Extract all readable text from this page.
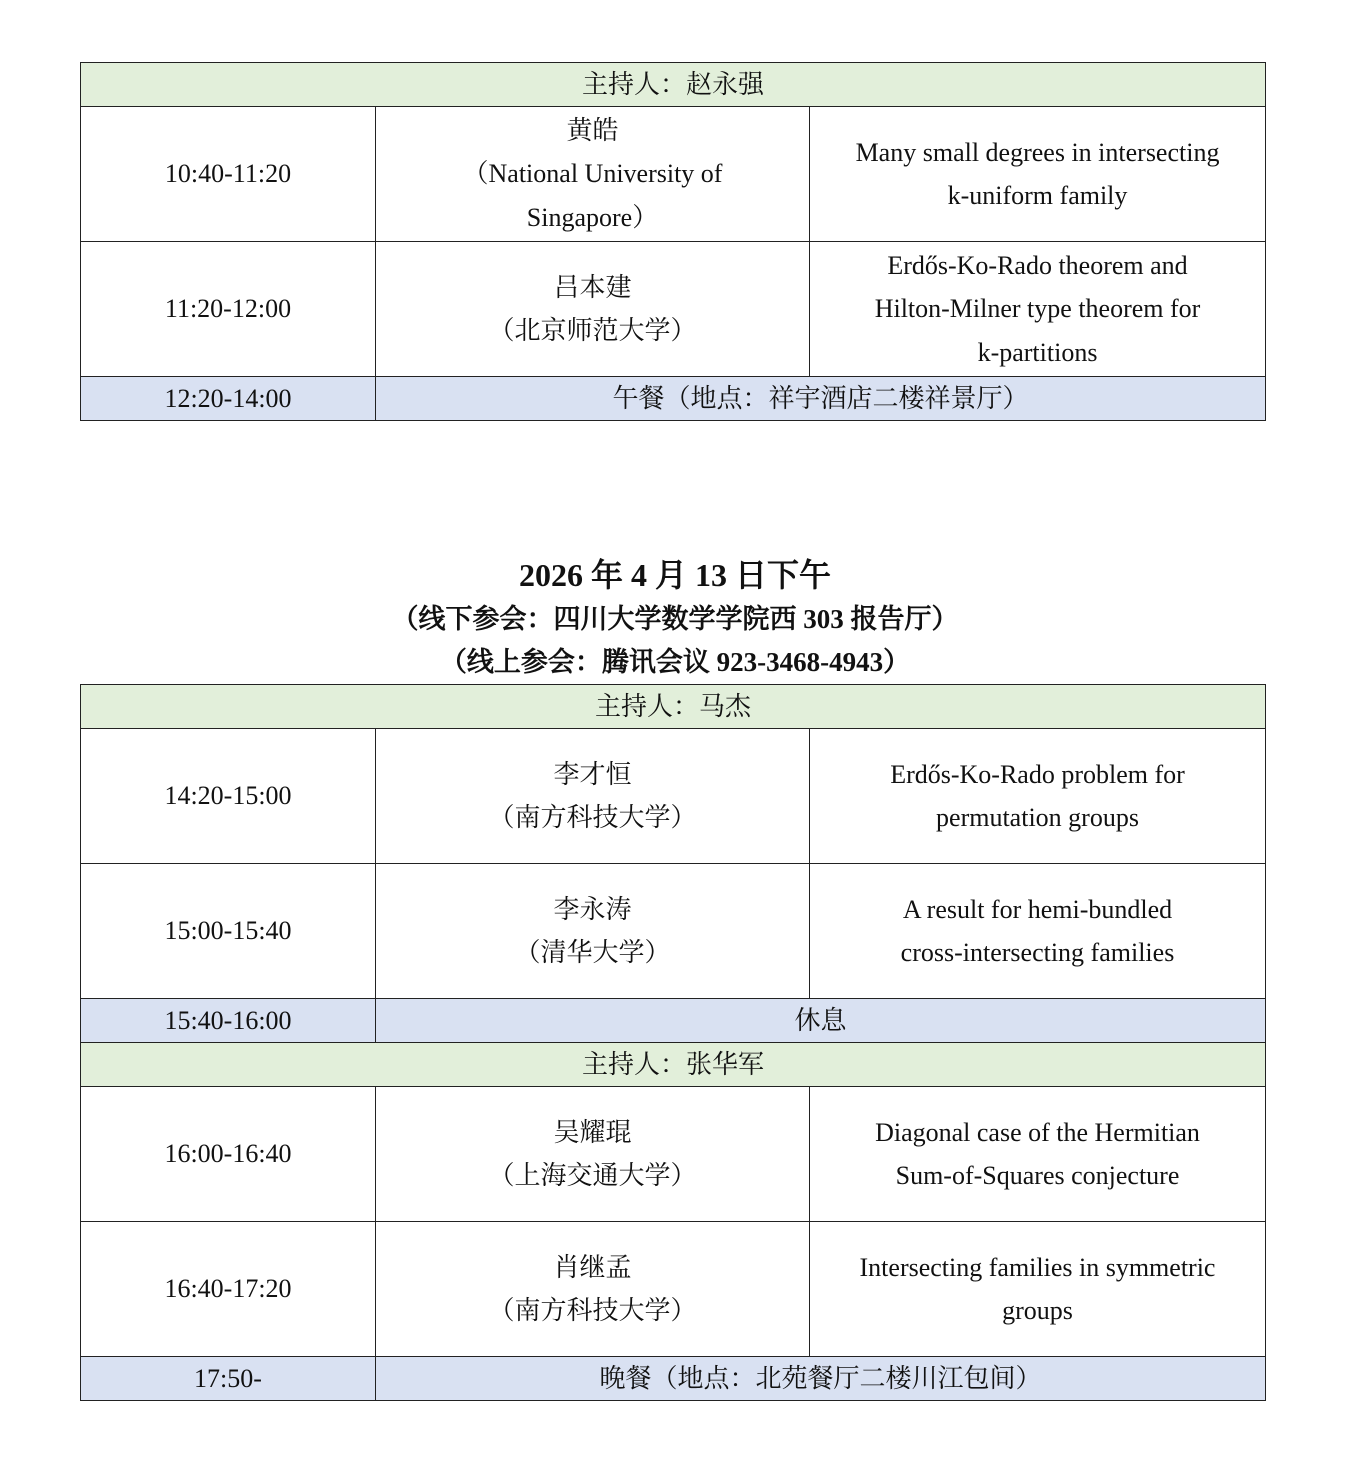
主持人：赵永强		
10:40-11:20	黄皓
（National University of
Singapore）	Many small degrees in intersecting
k-uniform family

11:20-12:00	吕本建
（北京师范大学）	Erdős-Ko-Rado theorem and
Hilton-Milner type theorem for
k-partitions

12:20-14:00	午餐（地点：祥宇酒店二楼祥景厅）	
2026 年 4 月 13 日下午
（线下参会：四川大学数学学院西 303 报告厅）
（线上参会：腾讯会议 923-3468-4943）
主持人：马杰		
14:20-15:00	李才恒
（南方科技大学）	Erdős-Ko-Rado problem for
permutation groups

15:00-15:40	李永涛
（清华大学）	A result for hemi-bundled
cross-intersecting families

15:40-16:00	休息	
主持人：张华军		
16:00-16:40	吴耀琨
（上海交通大学）	Diagonal case of the Hermitian
Sum-of-Squares conjecture

16:40-17:20	肖继孟
（南方科技大学）	Intersecting families in symmetric
groups

17:50-	晚餐（地点：北苑餐厅二楼川江包间）	
